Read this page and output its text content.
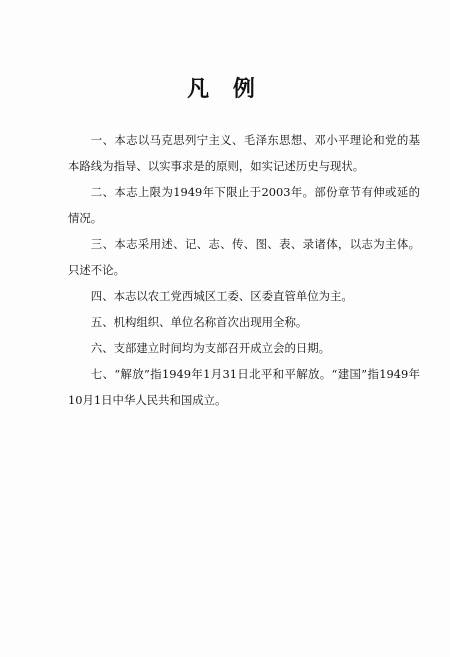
凡 例

一、本志以马克思列宁主义、毛泽东思想、邓小平理论和党的基本路线为指导、以实事求是的原则，如实记述历史与现状。

二、本志上限为1949年下限止于2003年。部份章节有伸或延的情况。

三、本志采用述、记、志、传、图、表、录诸体，以志为主体。只述不论。

四、本志以农工党西城区工委、区委直管单位为主。

五、机构组织、单位名称首次出现用全称。

六、支部建立时间均为支部召开成立会的日期。

七、“解放”指1949年1月31日北平和平解放。“建国”指1949年10月1日中华人民共和国成立。
